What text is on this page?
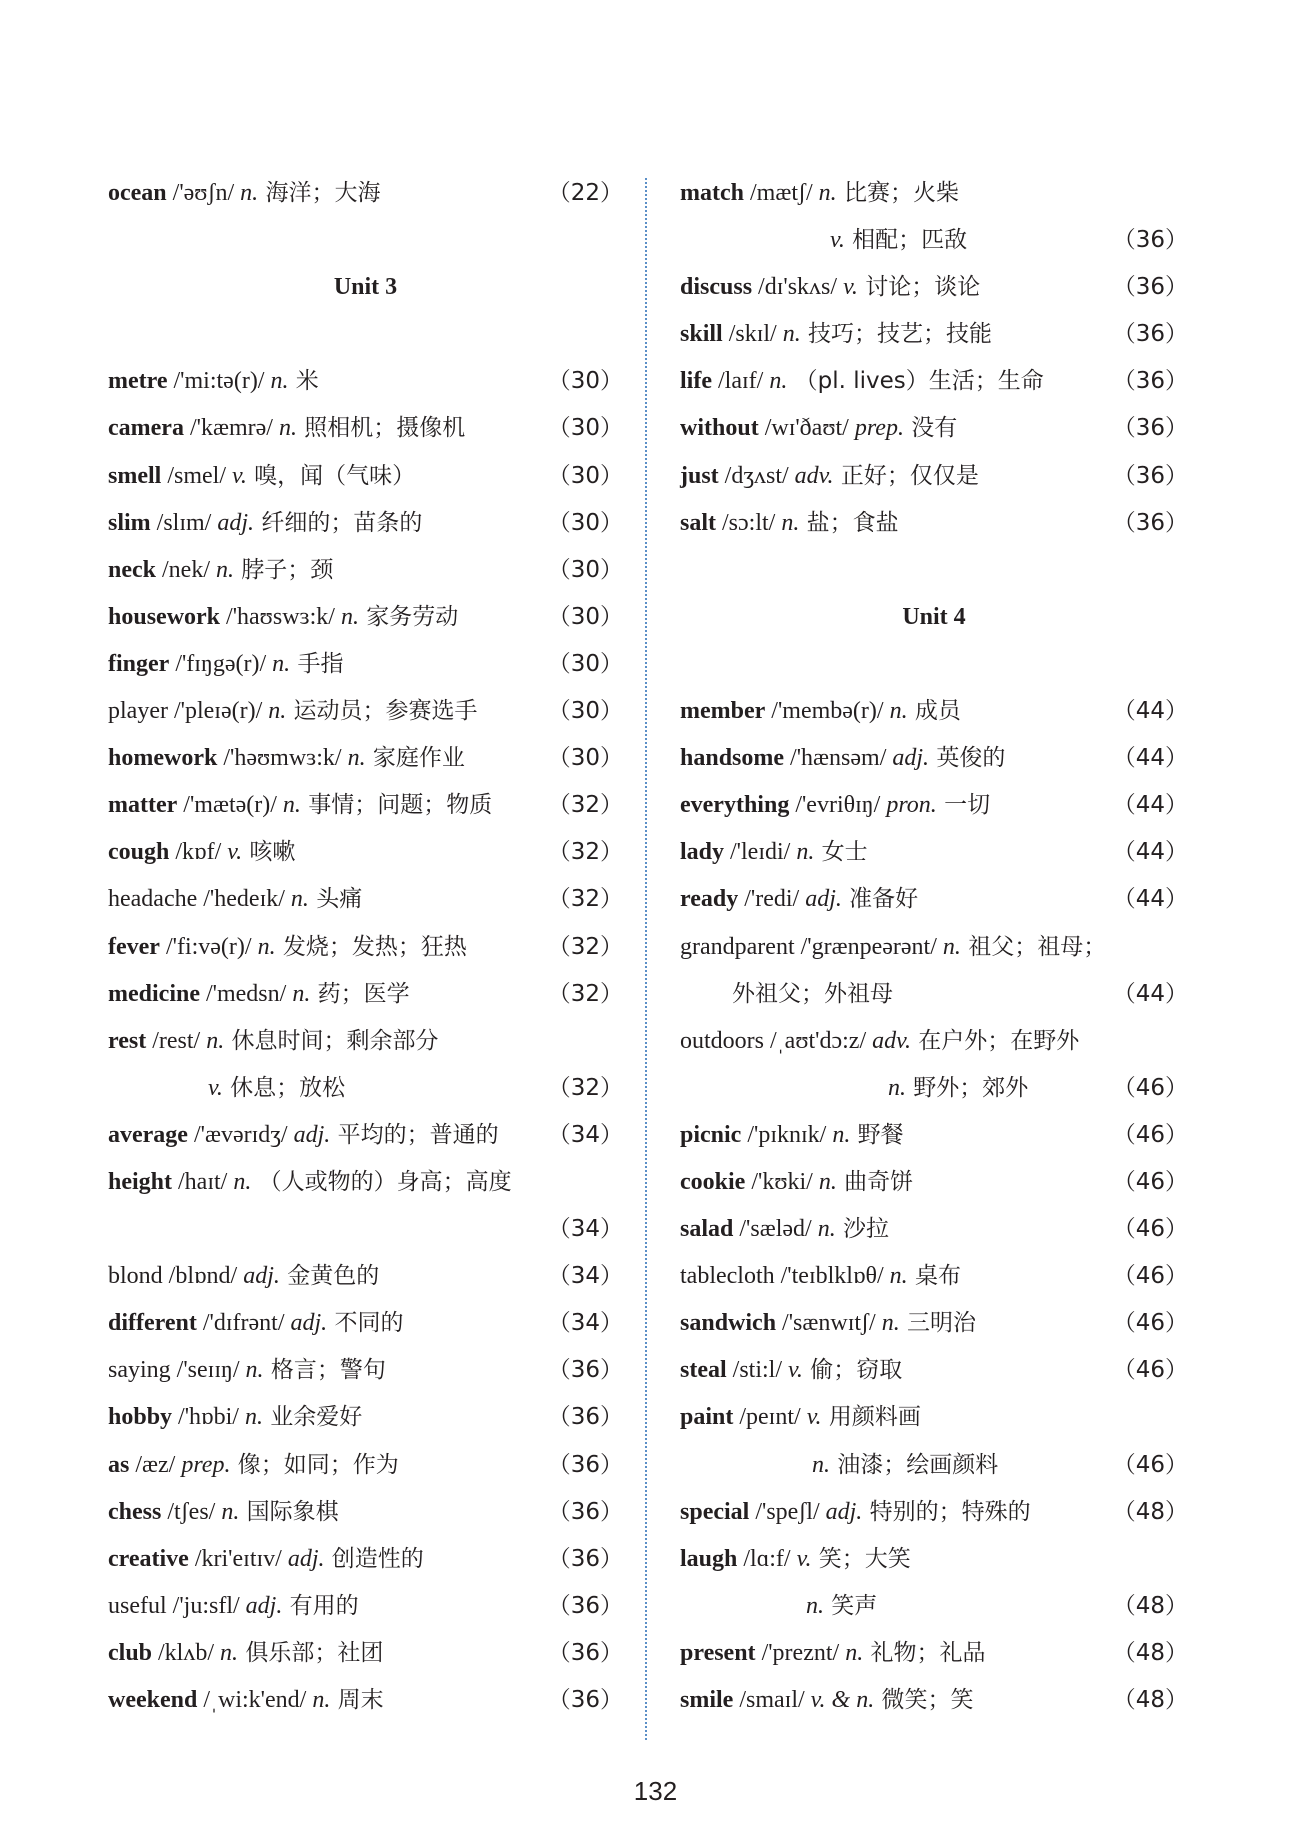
ocean /'əʊʃn/ n. 海洋；大海	（22）
Unit 3
metre /'mi:tə(r)/ n. 米	（30）
camera /'kæmrə/ n. 照相机；摄像机	（30）
smell /smel/ v. 嗅，闻（气味）	（30）
slim /slɪm/ adj. 纤细的；苗条的	（30）
neck /nek/ n. 脖子；颈	（30）
housework /'haʊswɜ:k/ n. 家务劳动	（30）
finger /'fɪŋgə(r)/ n. 手指	（30）
player /'pleɪə(r)/ n. 运动员；参赛选手	（30）
homework /'həʊmwɜ:k/ n. 家庭作业	（30）
matter /'mætə(r)/ n. 事情；问题；物质 （32）
cough /kɒf/ v. 咳嗽	（32）
headache /'hedeɪk/ n. 头痛	（32）
fever /'fi:və(r)/ n. 发烧；发热；狂热	（32）
medicine /'medsn/ n. 药；医学	（32）
rest /rest/ n. 休息时间；剩余部分
v. 休息；放松	（32）
average /'ævərɪdʒ/ adj. 平均的；普通的 （34）
height /haɪt/ n. （人或物的）身高；高度
（34）
blond /blɒnd/ adj. 金黄色的	（34）
different /'dɪfrənt/ adj. 不同的	（34）
saying /'seɪɪŋ/ n. 格言；警句	（36）
hobby /'hɒbi/ n. 业余爱好	（36）
as /æz/ prep. 像；如同；作为	（36）
chess /tʃes/ n. 国际象棋	（36）
creative /kri'eɪtɪv/ adj. 创造性的	（36）
useful /'ju:sfl/ adj. 有用的	（36）
club /klʌb/ n. 俱乐部；社团	（36）
weekend /ˌwi:k'end/ n. 周末	（36）
match /mætʃ/ n. 比赛；火柴
v. 相配；匹敌	（36）
discuss /dɪ'skʌs/ v. 讨论；谈论	（36）
skill /skɪl/ n. 技巧；技艺；技能	（36）
life /laɪf/ n. （pl. lives）生活；生命	（36）
without /wɪ'ðaʊt/ prep. 没有	（36）
just /dʒʌst/ adv. 正好；仅仅是	（36）
salt /sɔ:lt/ n. 盐；食盐	（36）
Unit 4
member /'membə(r)/ n. 成员	（44）
handsome /'hænsəm/ adj. 英俊的	（44）
everything /'evriθɪŋ/ pron. 一切	（44）
lady /'leɪdi/ n. 女士	（44）
ready /'redi/ adj. 准备好	（44）
grandparent /'grænpeərənt/ n. 祖父；祖母；
外祖父；外祖母	（44）
outdoors /ˌaʊt'dɔ:z/ adv. 在户外；在野外
n. 野外；郊外	（46）
picnic /'pɪknɪk/ n. 野餐	（46）
cookie /'kʊki/ n. 曲奇饼	（46）
salad /'sæləd/ n. 沙拉	（46）
tablecloth /'teɪblklɒθ/ n. 桌布	（46）
sandwich /'sænwɪtʃ/ n. 三明治	（46）
steal /sti:l/ v. 偷；窃取	（46）
paint /peɪnt/ v. 用颜料画
n. 油漆；绘画颜料	（46）
special /'speʃl/ adj. 特别的；特殊的	（48）
laugh /lɑ:f/ v. 笑；大笑
n. 笑声	（48）
present /'preznt/ n. 礼物；礼品	（48）
smile /smaɪl/ v. & n. 微笑；笑	（48）
132
